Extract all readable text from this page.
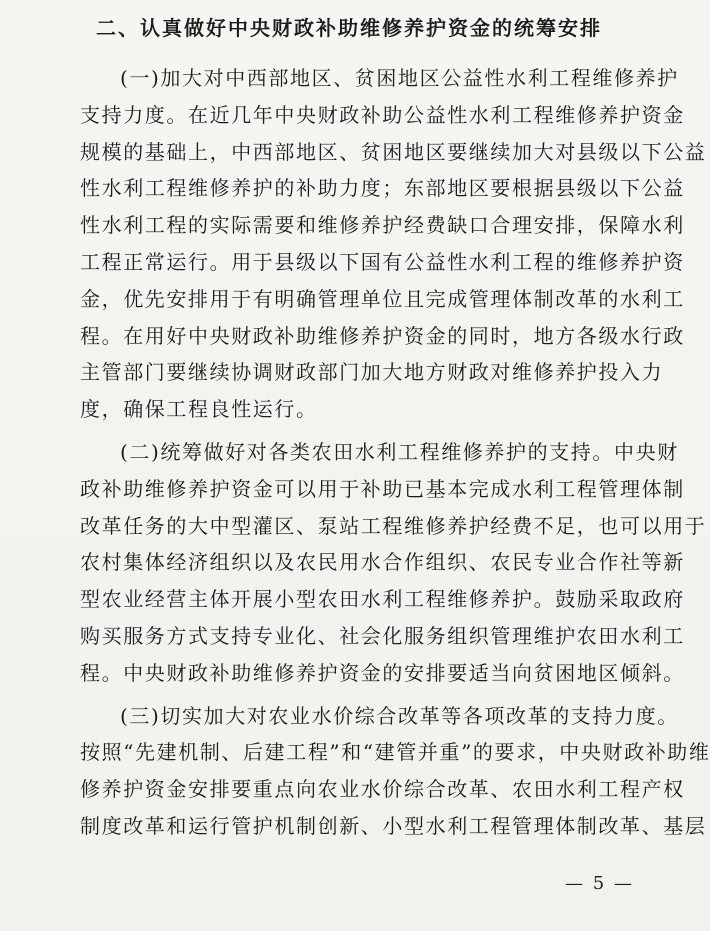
二、认真做好中央财政补助维修养护资金的统筹安排
(一)加大对中西部地区、贫困地区公益性水利工程维修养护
支持力度。在近几年中央财政补助公益性水利工程维修养护资金
规模的基础上，中西部地区、贫困地区要继续加大对县级以下公益
性水利工程维修养护的补助力度；东部地区要根据县级以下公益
性水利工程的实际需要和维修养护经费缺口合理安排，保障水利
工程正常运行。用于县级以下国有公益性水利工程的维修养护资
金，优先安排用于有明确管理单位且完成管理体制改革的水利工
程。在用好中央财政补助维修养护资金的同时，地方各级水行政
主管部门要继续协调财政部门加大地方财政对维修养护投入力
度，确保工程良性运行。
(二)统筹做好对各类农田水利工程维修养护的支持。中央财
政补助维修养护资金可以用于补助已基本完成水利工程管理体制
改革任务的大中型灌区、泵站工程维修养护经费不足，也可以用于
农村集体经济组织以及农民用水合作组织、农民专业合作社等新
型农业经营主体开展小型农田水利工程维修养护。鼓励采取政府
购买服务方式支持专业化、社会化服务组织管理维护农田水利工
程。中央财政补助维修养护资金的安排要适当向贫困地区倾斜。
(三)切实加大对农业水价综合改革等各项改革的支持力度。
按照“先建机制、后建工程”和“建管并重”的要求，中央财政补助维
修养护资金安排要重点向农业水价综合改革、农田水利工程产权
制度改革和运行管护机制创新、小型水利工程管理体制改革、基层
— 5 —
